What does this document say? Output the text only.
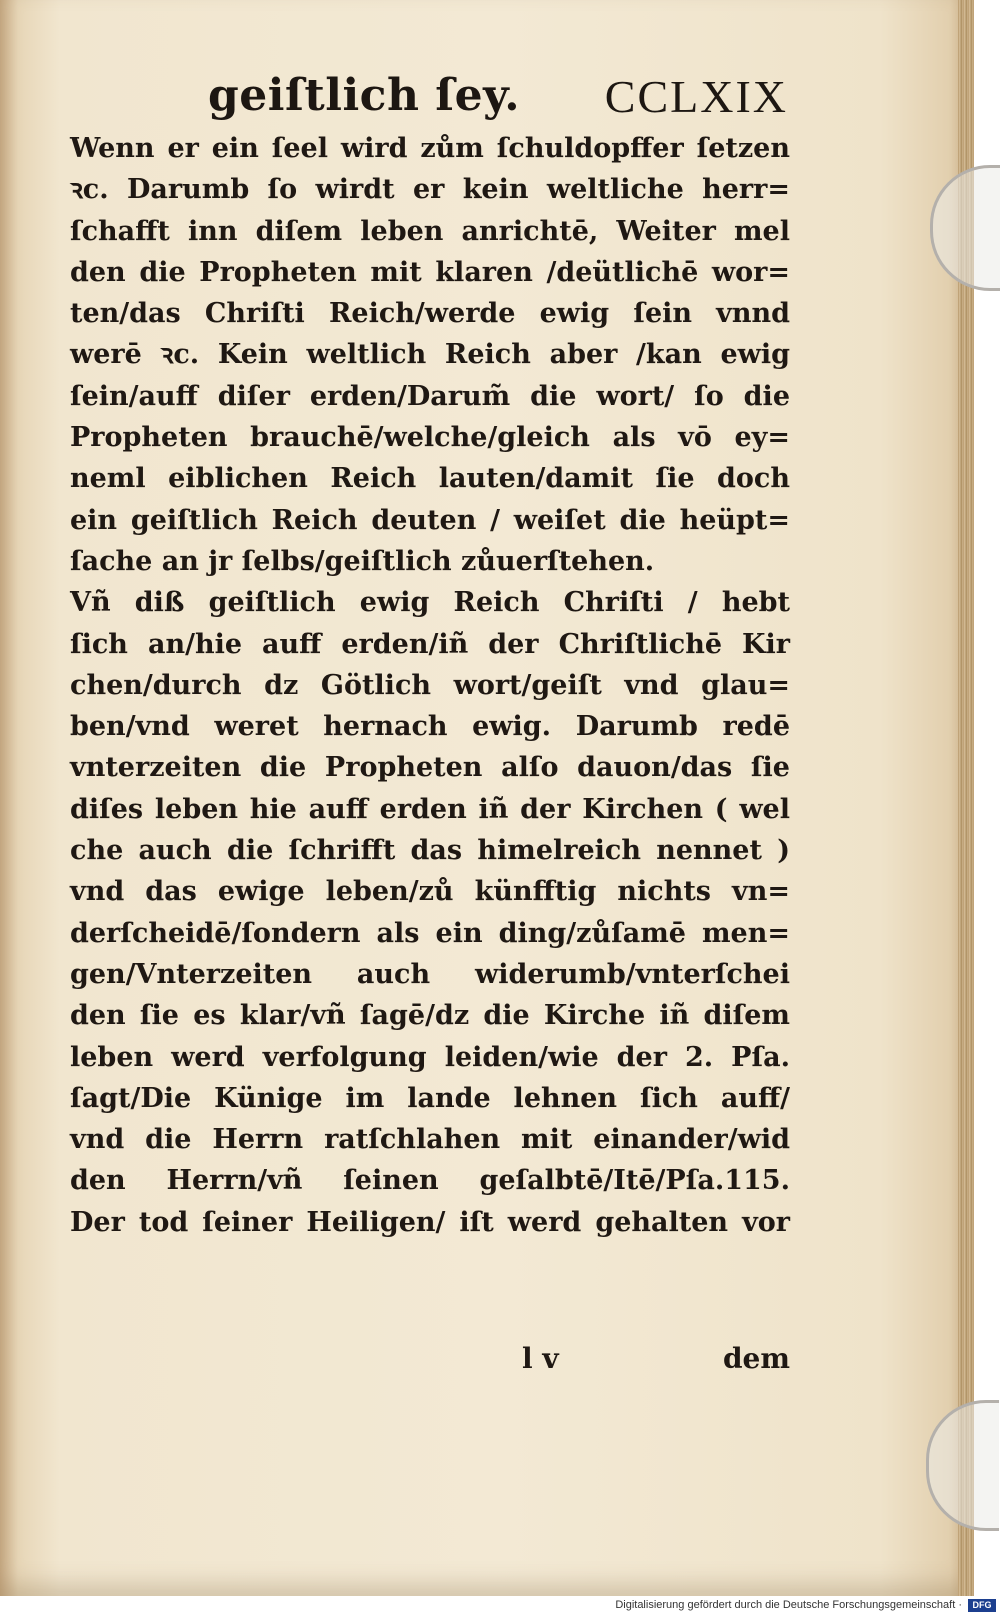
geiſtlich ſey. CCLXIX
Wenn er ein ſeel wird zům ſchuldopffer ſetzen
ꝛc. Darumb ſo wirdt er kein weltliche herr=
ſchafft inn diſem leben anrichtē, Weiter mel
den die Propheten mit klaren /deütlichē wor=
ten/das Chriſti Reich/werde ewig ſein vnnd
werē ꝛc. Kein weltlich Reich aber /kan ewig
ſein/auff diſer erden/Darum̃ die wort/ ſo die
Propheten brauchē/welche/gleich als vō ey=
neml eiblichen Reich lauten/damit ſie doch
ein geiſtlich Reich deuten / weiſet die heüpt=
ſache an jr ſelbs/geiſtlich zůuerſtehen.
Vñ diß geiſtlich ewig Reich Chriſti / hebt
ſich an/hie auff erden/iñ der Chriſtlichē Kir
chen/durch dz Götlich wort/geiſt vnd glau=
ben/vnd weret hernach ewig. Darumb redē
vnterzeiten die Propheten alſo dauon/das ſie
diſes leben hie auff erden iñ der Kirchen ( wel
che auch die ſchrifft das himelreich nennet )
vnd das ewige leben/zů künfftig nichts vn=
derſcheidē/ſondern als ein ding/zůſamē men=
gen/Vnterzeiten auch widerumb/vnterſchei
den ſie es klar/vñ ſagē/dz die Kirche iñ diſem
leben werd verfolgung leiden/wie der 2. Pſa.
ſagt/Die Künige im lande lehnen ſich auff/
vnd die Herrn ratſchlahen mit einander/wid
den Herrn/vñ ſeinen geſalbtē/Itē/Pſa.115.
Der tod ſeiner Heiligen/ iſt werd gehalten vor
l v	dem
Digitalisierung gefördert durch die Deutsche Forschungsgemeinschaft ·	DFG
